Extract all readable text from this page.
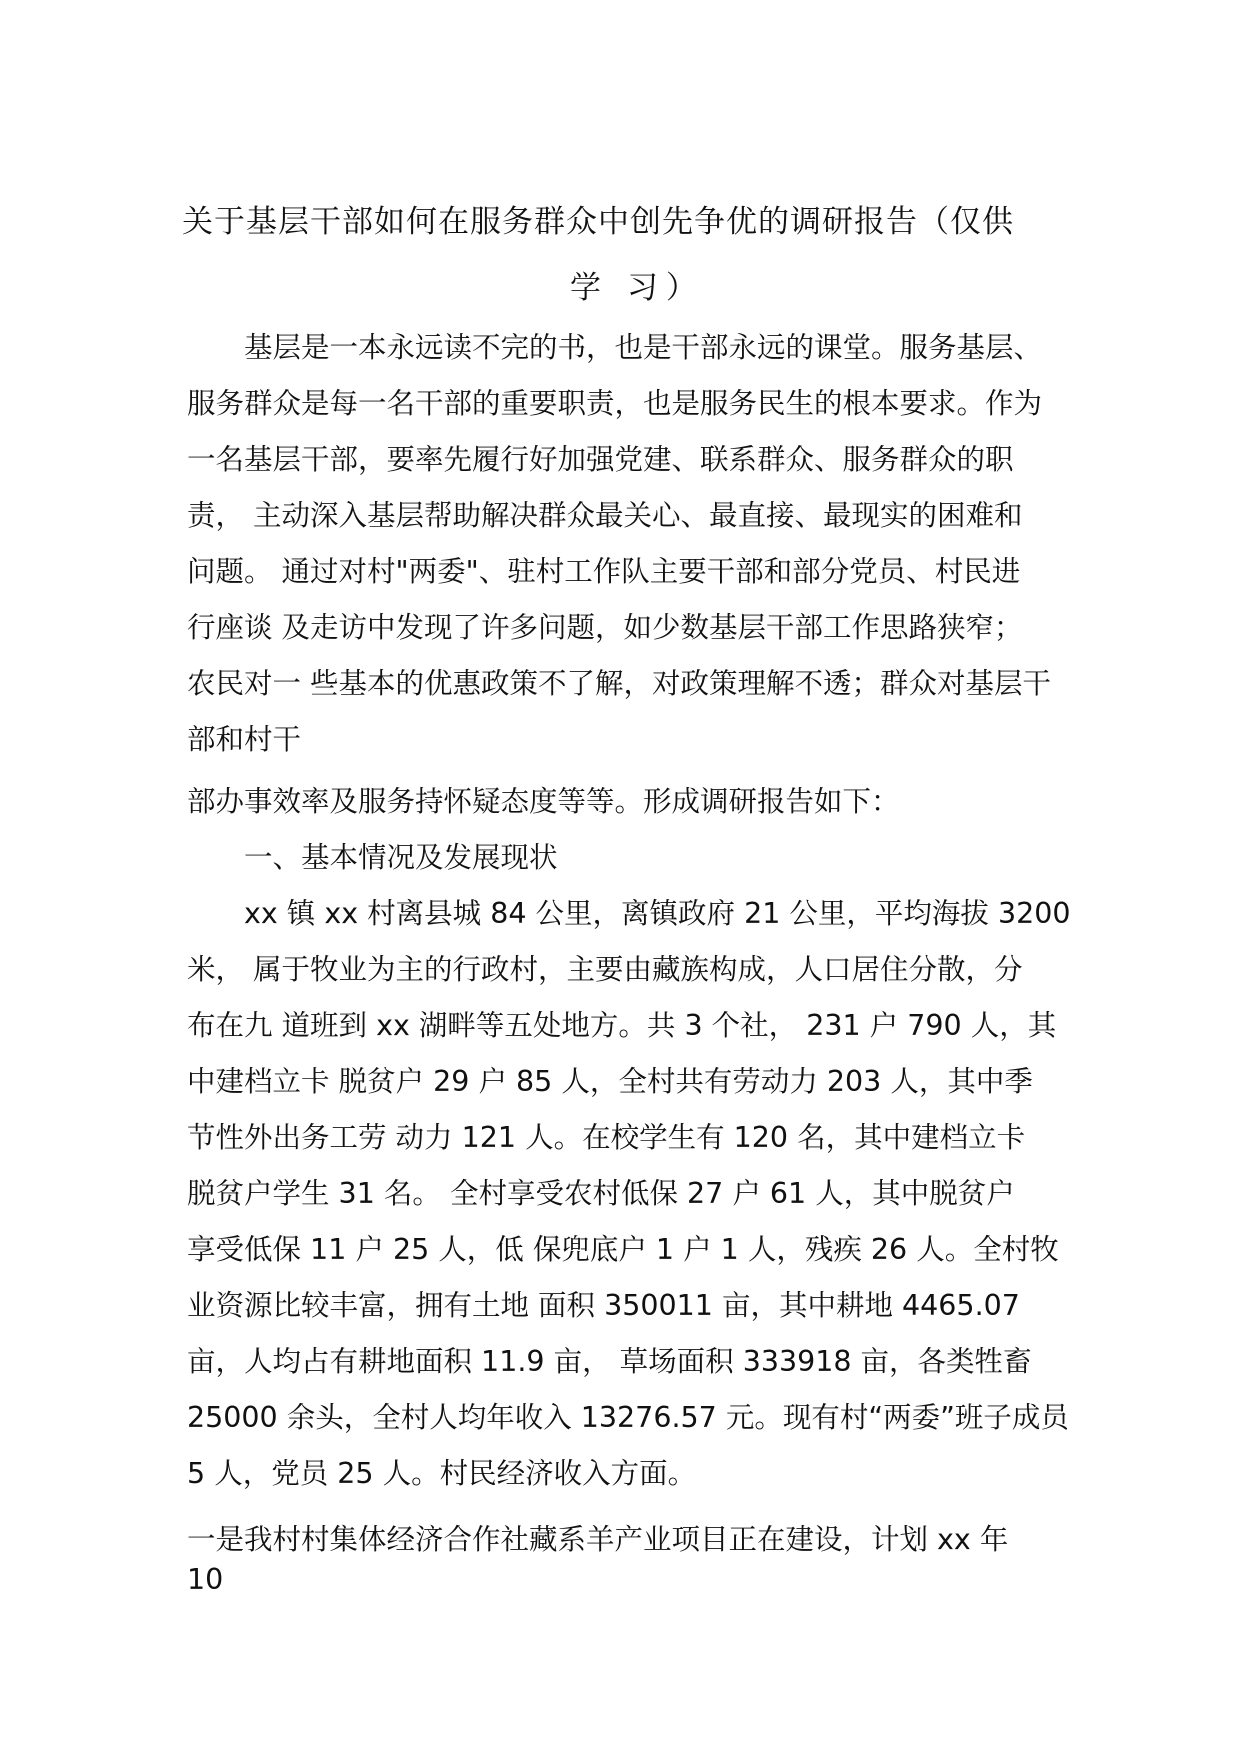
关于基层干部如何在服务群众中创先争优的调研报告（仅供
学 习）
基层是一本永远读不完的书，也是干部永远的课堂。服务基层、
服务群众是每一名干部的重要职责，也是服务民生的根本要求。作为
一名基层干部，要率先履行好加强党建、联系群众、服务群众的职
责， 主动深入基层帮助解决群众最关心、最直接、最现实的困难和
问题。 通过对村"两委"、驻村工作队主要干部和部分党员、村民进
行座谈 及走访中发现了许多问题，如少数基层干部工作思路狭窄；
农民对一 些基本的优惠政策不了解，对政策理解不透；群众对基层干
部和村干
部办事效率及服务持怀疑态度等等。形成调研报告如下：
一、基本情况及发展现状
xx 镇 xx 村离县城 84 公里，离镇政府 21 公里，平均海拔 3200
米， 属于牧业为主的行政村，主要由藏族构成，人口居住分散，分
布在九 道班到 xx 湖畔等五处地方。共 3 个社， 231 户 790 人，其
中建档立卡 脱贫户 29 户 85 人，全村共有劳动力 203 人，其中季
节性外出务工劳 动力 121 人。在校学生有 120 名，其中建档立卡
脱贫户学生 31 名。 全村享受农村低保 27 户 61 人，其中脱贫户
享受低保 11 户 25 人，低 保兜底户 1 户 1 人，残疾 26 人。全村牧
业资源比较丰富，拥有土地 面积 350011 亩，其中耕地 4465.07
亩，人均占有耕地面积 11.9 亩， 草场面积 333918 亩，各类牲畜
25000 余头，全村人均年收入 13276.57 元。现有村“两委”班子成员
5 人，党员 25 人。村民经济收入方面。
一是我村村集体经济合作社藏系羊产业项目正在建设，计划 xx 年
10
